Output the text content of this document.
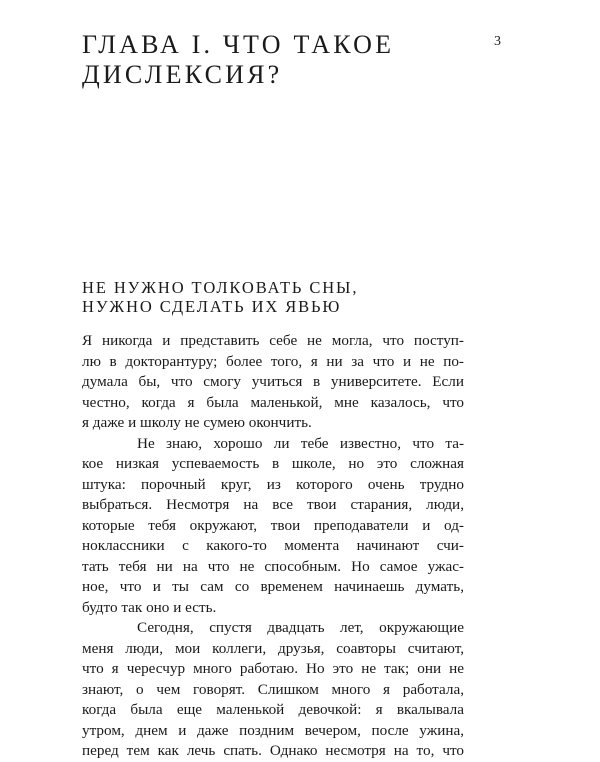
3
ГЛАВА I. ЧТО ТАКОЕ
ДИСЛЕКСИЯ?
НЕ НУЖНО ТОЛКОВАТЬ СНЫ,
НУЖНО СДЕЛАТЬ ИХ ЯВЬЮ
Я никогда и представить себе не могла, что поступ-
лю в докторантуру; более того, я ни за что и не по-
думала бы, что смогу учиться в университете. Если
честно, когда я была маленькой, мне казалось, что
я даже и школу не сумею окончить.
Не знаю, хорошо ли тебе известно, что та-
кое низкая успеваемость в школе, но это сложная
штука: порочный круг, из которого очень трудно
выбраться. Несмотря на все твои старания, люди,
которые тебя окружают, твои преподаватели и од-
ноклассники с какого-то момента начинают счи-
тать тебя ни на что не способным. Но самое ужас-
ное, что и ты сам со временем начинаешь думать,
будто так оно и есть.
Сегодня, спустя двадцать лет, окружающие
меня люди, мои коллеги, друзья, соавторы считают,
что я чересчур много работаю. Но это не так; они не
знают, о чем говорят. Слишком много я работала,
когда была еще маленькой девочкой: я вкалывала
утром, днем и даже поздним вечером, после ужина,
перед тем как лечь спать. Однако несмотря на то, что
